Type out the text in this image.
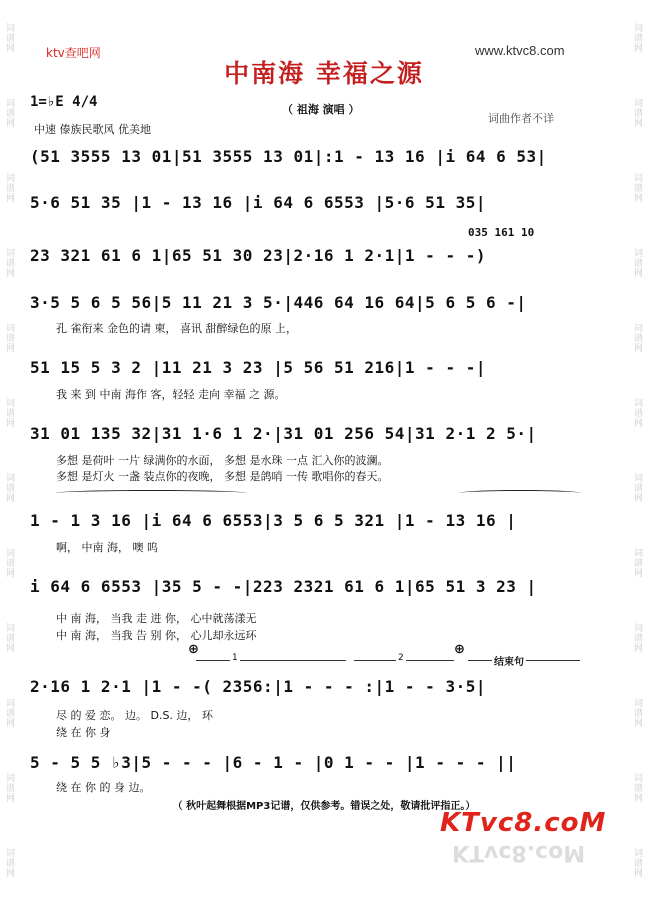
词谱网
词谱网
词谱网
词谱网
词谱网
词谱网
词谱网
词谱网
词谱网
词谱网
词谱网
词谱网
词谱网
词谱网
词谱网
词谱网
词谱网
词谱网
词谱网
词谱网
词谱网
词谱网
词谱网
词谱网
ktv查吧网	www.ktvc8.com
中南海 幸福之源
1=♭E 4/4	（ 祖海 演唱 ）
词曲作者不详
中速 傣族民歌风 优美地
(51 3555 13 01|51 3555 13 01|:1 - 13 16 |i 64 6 53|
5·6 51 35 |1 - 13 16 |i 64 6 6553 |5·6 51 35|
035 161 10
23 321 61 6 1|65 51 30 23|2·16 1 2·1|1 - - -)
3·5 5 6 5 56|5 11 21 3 5·|446 64 16 64|5 6 5 6 -|
孔 雀衔来 金色的请 柬， 喜讯 甜醉绿色的原 上，
51 15 5 3 2 |11 21 3 23 |5 56 51 216|1 - - -|
我 来 到 中南 海作 客，轻轻 走向 幸福 之 源。
31 01 135 32|31 1·6 1 2·|31 01 256 54|31 2·1 2 5·|
多想 是荷叶 一片 绿满你的水面， 多想 是水珠 一点 汇入你的波澜。
多想 是灯火 一盏 装点你的夜晚， 多想 是鸽哨 一传 歌唱你的春天。
1 - 1 3 16 |i 64 6 6553|3 5 6 5 321 |1 - 13 16 |
啊， 中南 海， 噢 呜
i 64 6 6553 |35 5 - -|223 2321 61 6 1|65 51 3 23 |
中 南 海， 当我 走 进 你， 心中就荡漾无
中 南 海， 当我 告 别 你， 心儿却永远环
⊕	⊕
1	2	结束句
2·16 1 2·1 |1 - -( 2356:|1 - - - :|1 - - 3·5|
尽 的 爱 恋。 边。 D.S. 边， 环
绕 在 你 身
5 - 5 5 ♭3|5 - - - |6 - 1 - |0 1 - - |1 - - - ||
绕 在 你 的 身 边。
（ 秋叶起舞根据MP3记谱，仅供参考。错误之处，敬请批评指正。）
KTvc8.coM
KTvc8.coM
